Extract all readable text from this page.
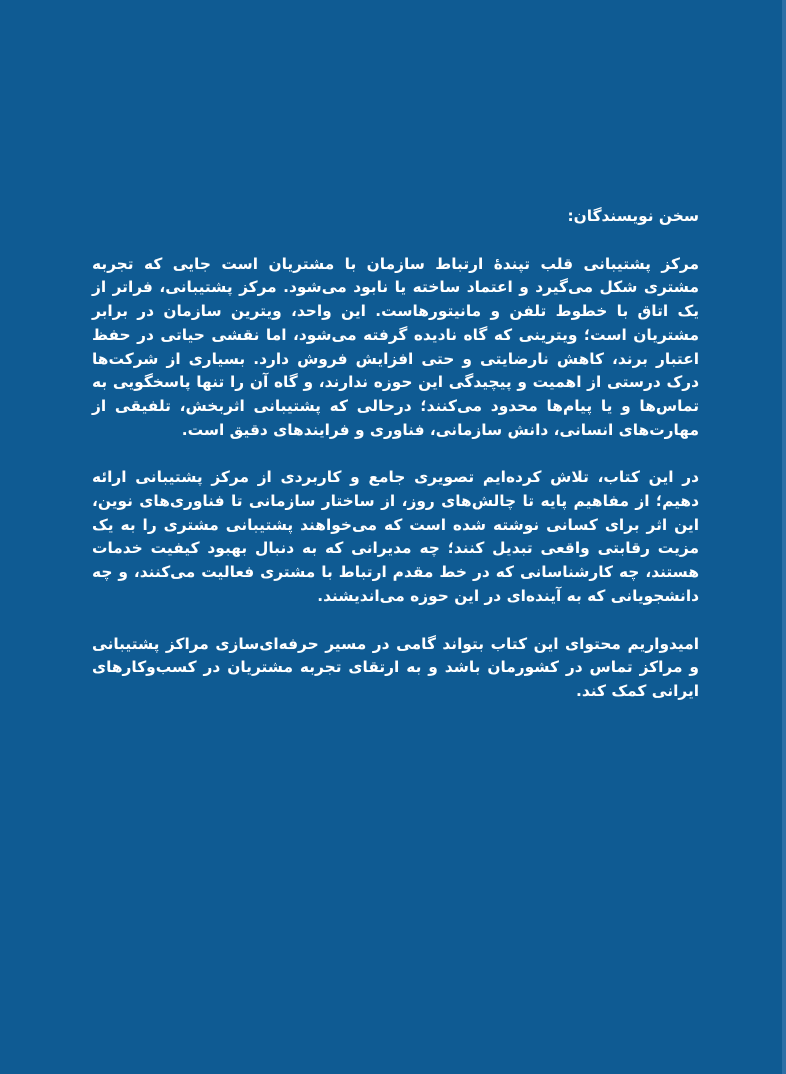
سخن نویسندگان:

مرکز پشتیبانی قلب تپندهٔ ارتباط سازمان با مشتریان است جایی که تجربه مشتری شکل می‌گیرد و اعتماد ساخته یا نابود می‌شود. مرکز پشتیبانی، فراتر از یک اتاق با خطوط تلفن و مانیتورهاست. این واحد، ویترین سازمان در برابر مشتریان است؛ ویترینی که گاه نادیده گرفته می‌شود، اما نقشی حیاتی در حفظ اعتبار برند، کاهش نارضایتی و حتی افزایش فروش دارد. بسیاری از شرکت‌ها درک درستی از اهمیت و پیچیدگی این حوزه ندارند، و گاه آن را تنها پاسخگویی به تماس‌ها و یا پیام‌ها محدود می‌کنند؛ درحالی که پشتیبانی اثربخش، تلفیقی از مهارت‌های انسانی، دانش سازمانی، فناوری و فرایندهای دقیق است.

در این کتاب، تلاش کرده‌ایم تصویری جامع و کاربردی از مرکز پشتیبانی ارائه دهیم؛ از مفاهیم پایه تا چالش‌های روز، از ساختار سازمانی تا فناوری‌های نوین، این اثر برای کسانی نوشته شده است که می‌خواهند پشتیبانی مشتری را به یک مزیت رقابتی واقعی تبدیل کنند؛ چه مدیرانی که به دنبال بهبود کیفیت خدمات هستند، چه کارشناسانی که در خط مقدم ارتباط با مشتری فعالیت می‌کنند، و چه دانشجویانی که به آینده‌ای در این حوزه می‌اندیشند.

امیدواریم محتوای این کتاب بتواند گامی در مسیر حرفه‌ای‌سازی مراکز پشتیبانی و مراکز تماس در کشورمان باشد و به ارتقای تجربه مشتریان در کسب‌وکارهای ایرانی کمک کند.
